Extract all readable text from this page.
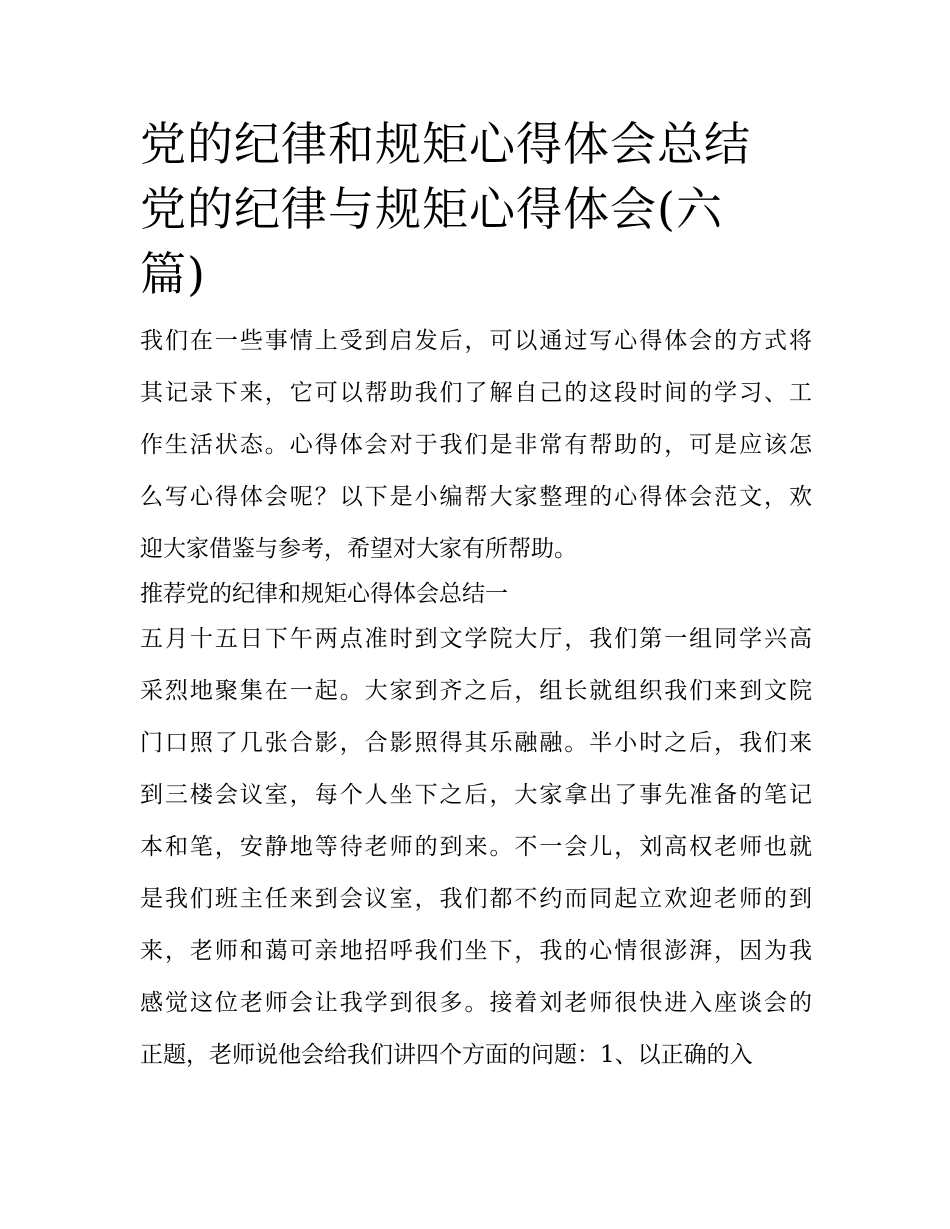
党的纪律和规矩心得体会总结
党的纪律与规矩心得体会(六
篇)
我们在一些事情上受到启发后，可以通过写心得体会的方式将
其记录下来，它可以帮助我们了解自己的这段时间的学习、工
作生活状态。心得体会对于我们是非常有帮助的，可是应该怎
么写心得体会呢？以下是小编帮大家整理的心得体会范文，欢
迎大家借鉴与参考，希望对大家有所帮助。
推荐党的纪律和规矩心得体会总结一
五月十五日下午两点准时到文学院大厅，我们第一组同学兴高
采烈地聚集在一起。大家到齐之后，组长就组织我们来到文院
门口照了几张合影，合影照得其乐融融。半小时之后，我们来
到三楼会议室，每个人坐下之后，大家拿出了事先准备的笔记
本和笔，安静地等待老师的到来。不一会儿，刘高权老师也就
是我们班主任来到会议室，我们都不约而同起立欢迎老师的到
来，老师和蔼可亲地招呼我们坐下，我的心情很澎湃，因为我
感觉这位老师会让我学到很多。接着刘老师很快进入座谈会的
正题，老师说他会给我们讲四个方面的问题：1、以正确的入
